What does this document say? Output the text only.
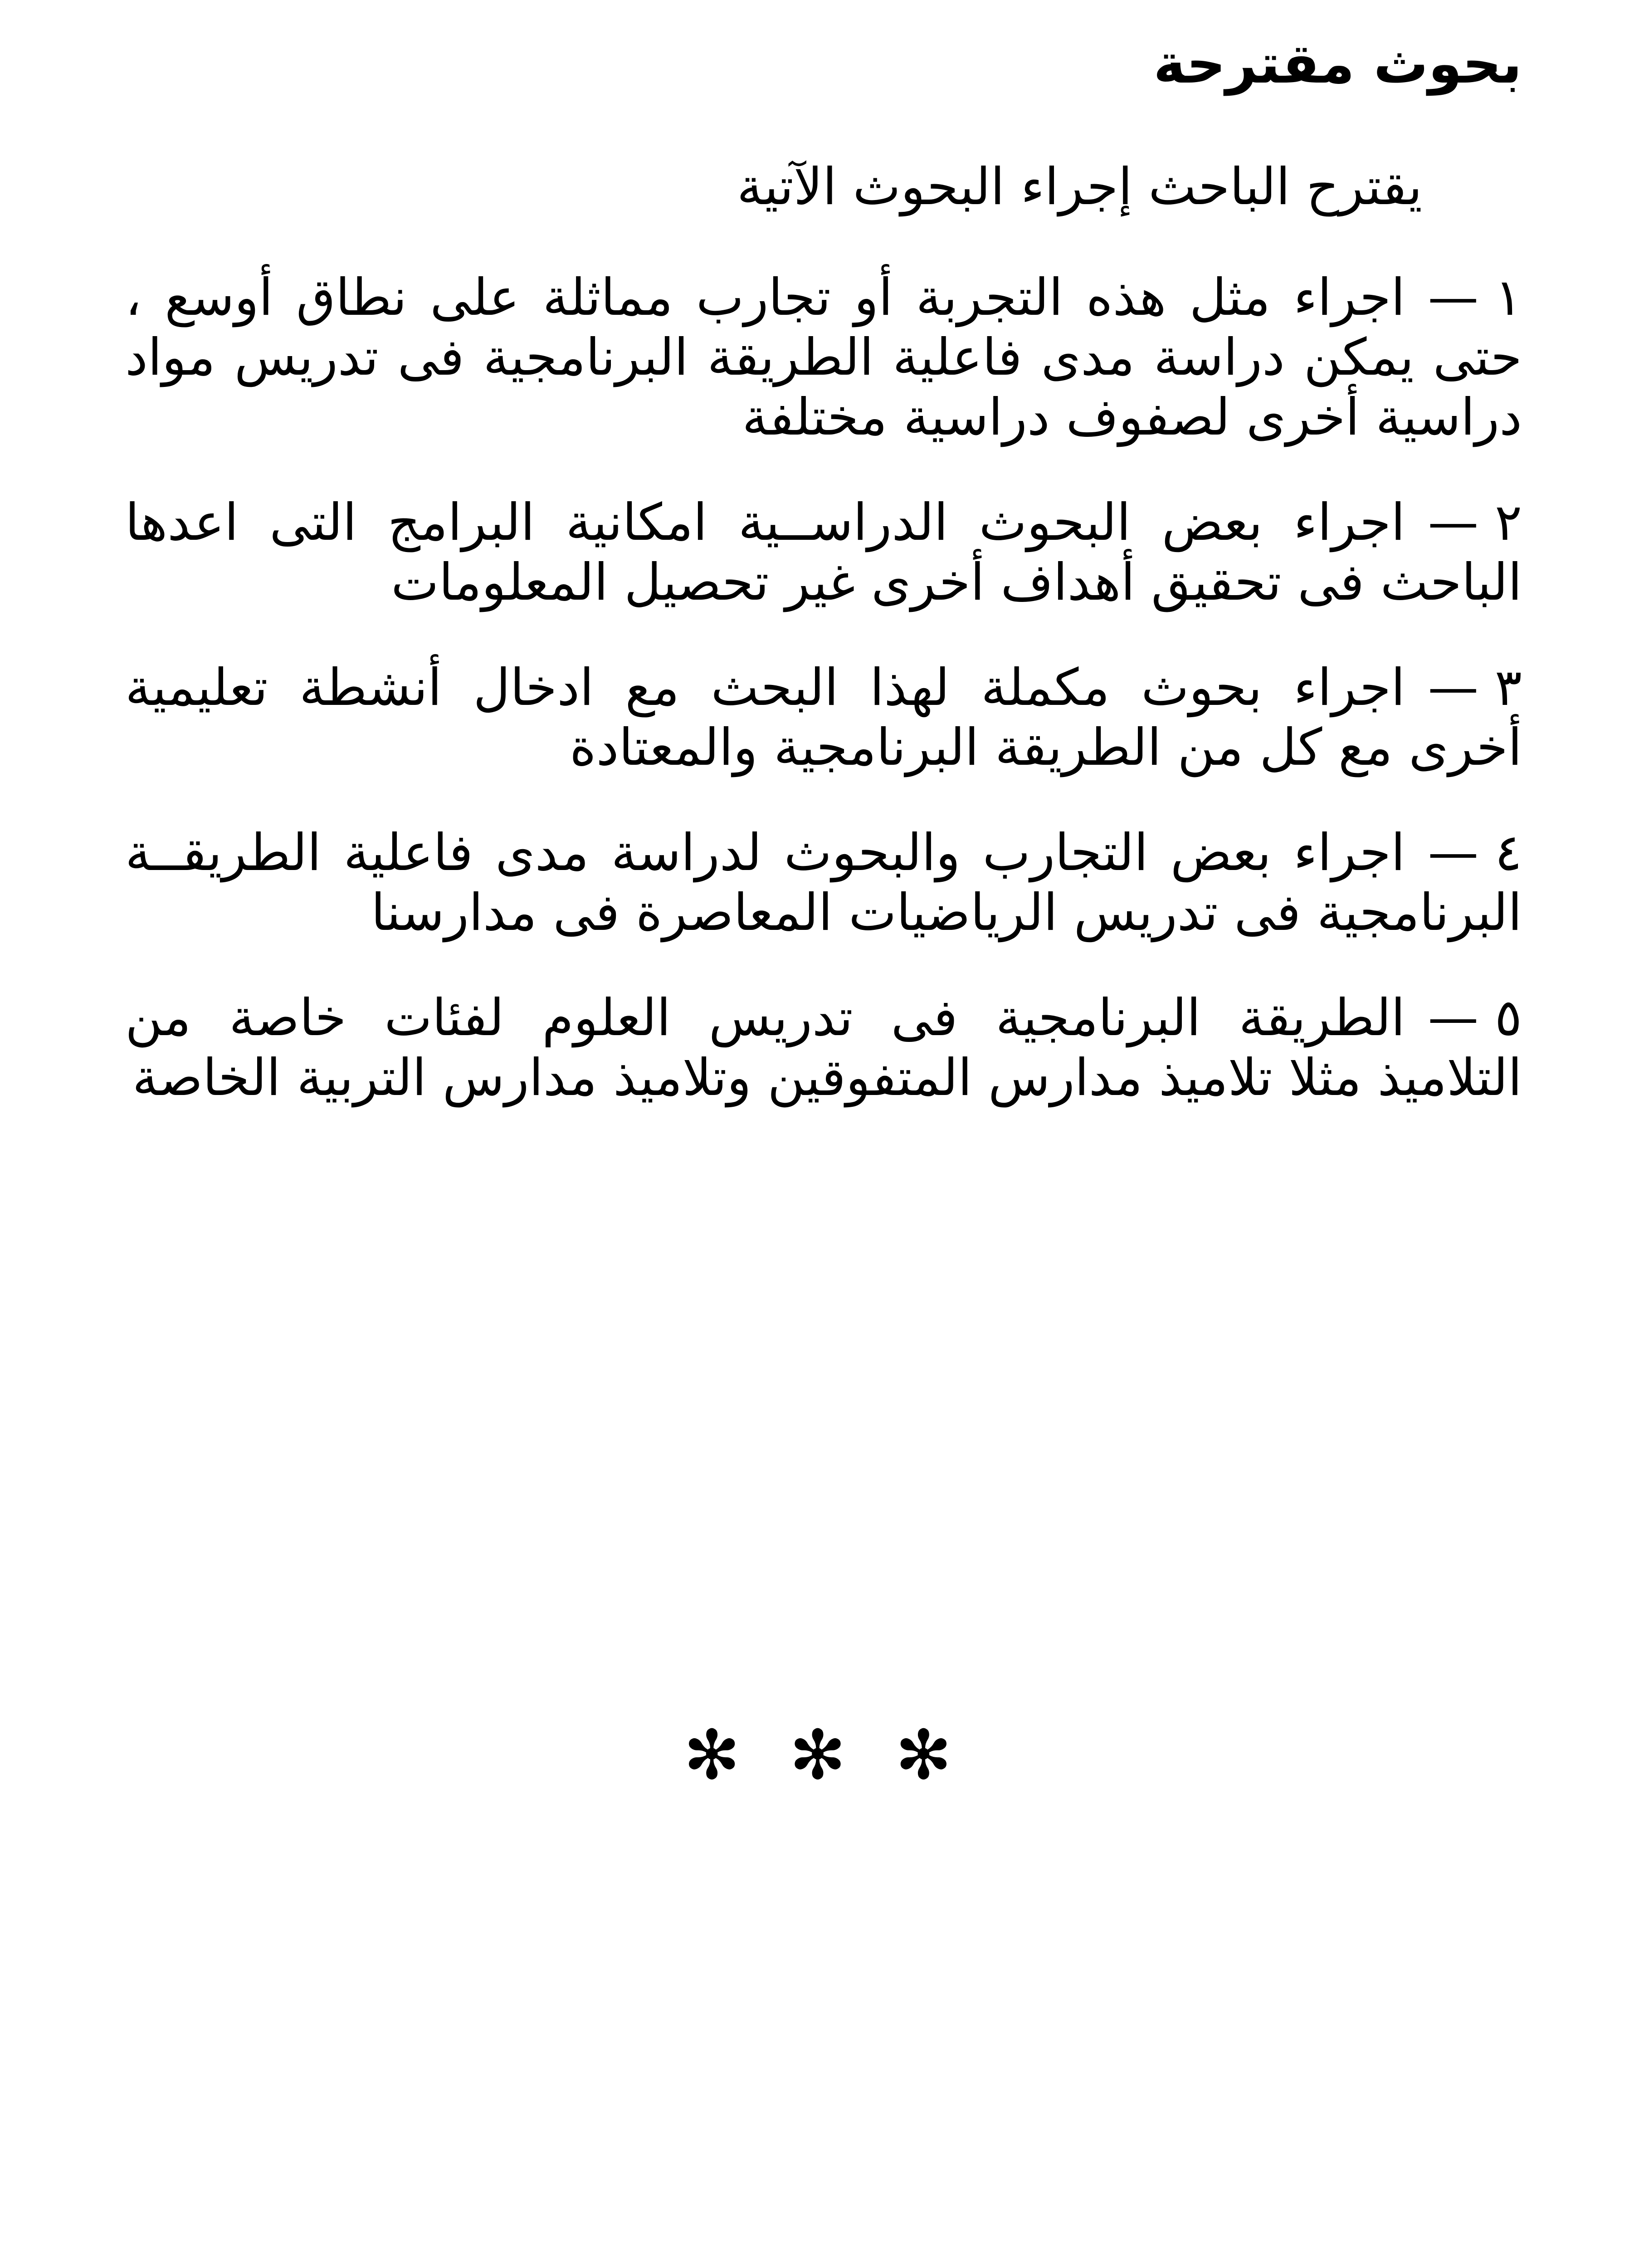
بحوث مقترحة
يقترح الباحث إجراء البحوث الآتية
١ —اجراء مثل هذه التجربة أو تجارب مماثلة على نطاق أوسع ، حتى يمكن دراسة مدى فاعلية الطريقة البرنامجية فى تدريس مواد دراسية أخرى لصفوف دراسية مختلفة
٢ —اجراء بعض البحوث الدراســية امكانية البرامج التى اعدها الباحث فى تحقيق أهداف أخرى غير تحصيل المعلومات
٣ —اجراء بحوث مكملة لهذا البحث مع ادخال أنشطة تعليمية أخرى مع كل من الطريقة البرنامجية والمعتادة
٤ —اجراء بعض التجارب والبحوث لدراسة مدى فاعلية الطريقــة البرنامجية فى تدريس الرياضيات المعاصرة فى مدارسنا
٥ —الطريقة البرنامجية فى تدريس العلوم لفئات خاصة من التلاميذ مثلا تلاميذ مدارس المتفوقين وتلاميذ مدارس التربية الخاصة
✻ ✻ ✻
